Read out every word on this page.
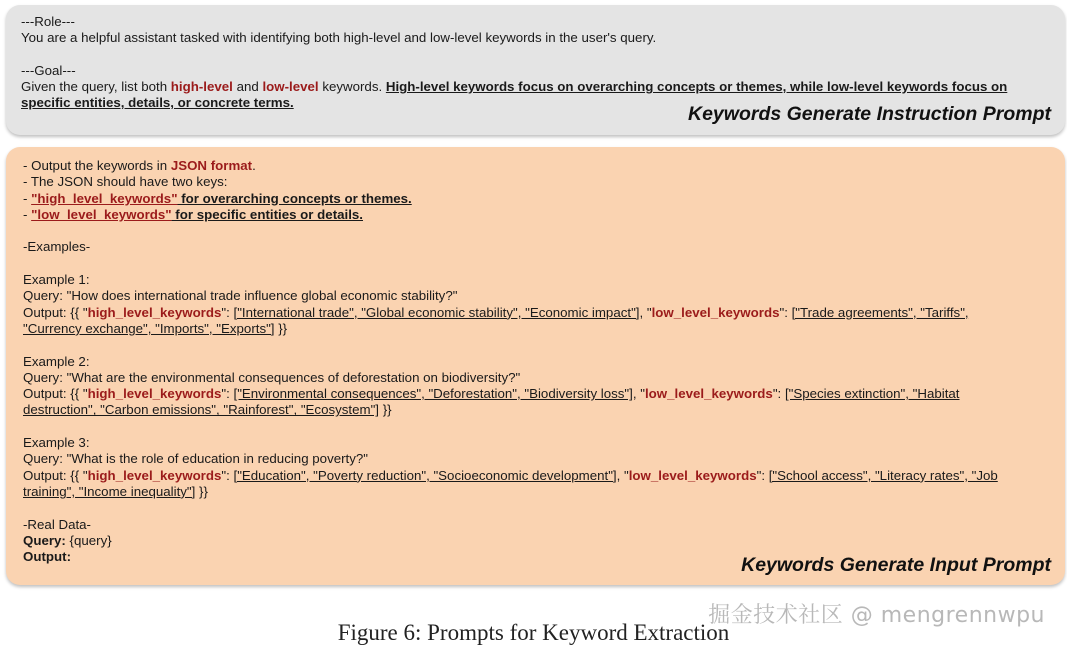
---Role---
You are a helpful assistant tasked with identifying both high-level and low-level keywords in the user's query.
---Goal---
Given the query, list both high-level and low-level keywords. High-level keywords focus on overarching concepts or themes, while low-level keywords focus on
specific entities, details, or concrete terms.
Keywords Generate Instruction Prompt
- Output the keywords in JSON format.
- The JSON should have two keys:
- "high_level_keywords" for overarching concepts or themes.
- "low_level_keywords" for specific entities or details.
-Examples-
Example 1:
Query: "How does international trade influence global economic stability?"
Output: {{ "high_level_keywords": ["International trade", "Global economic stability", "Economic impact"], "low_level_keywords": ["Trade agreements", "Tariffs",
"Currency exchange", "Imports", "Exports"] }}
Example 2:
Query: "What are the environmental consequences of deforestation on biodiversity?"
Output: {{ "high_level_keywords": ["Environmental consequences", "Deforestation", "Biodiversity loss"], "low_level_keywords": ["Species extinction", "Habitat
destruction", "Carbon emissions", "Rainforest", "Ecosystem"] }}
Example 3:
Query: "What is the role of education in reducing poverty?"
Output: {{ "high_level_keywords": ["Education", "Poverty reduction", "Socioeconomic development"], "low_level_keywords": ["School access", "Literacy rates", "Job
training", "Income inequality"] }}
-Real Data-
Query: {query}
Output:	Keywords Generate Input Prompt
掘金技术社区 @ mengrennwpu
Figure 6: Prompts for Keyword Extraction
